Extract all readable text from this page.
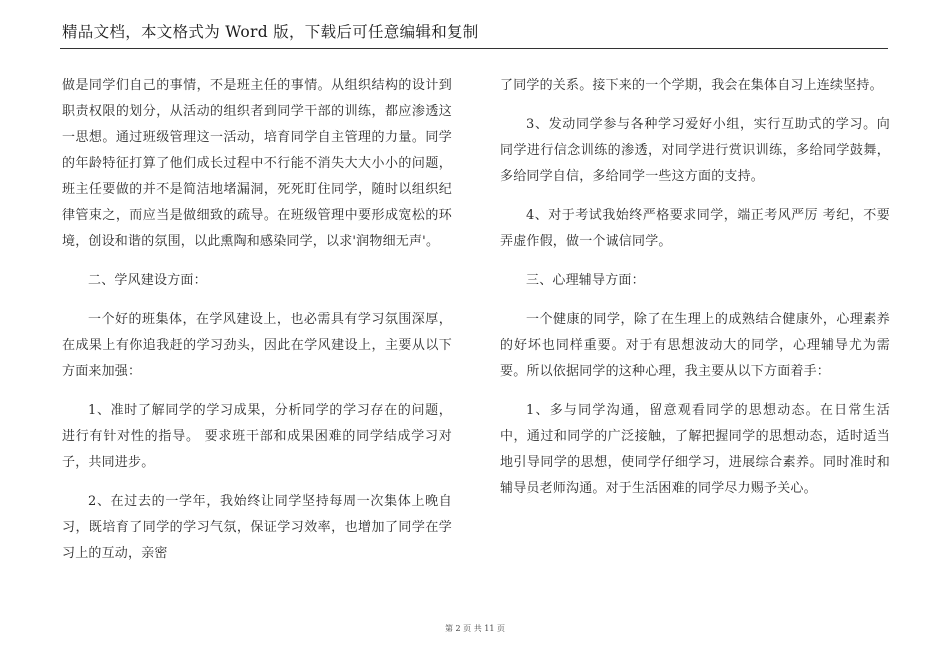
精品文档，本文格式为 Word 版，下载后可任意编辑和复制

做是同学们自己的事情，不是班主任的事情。从组织结构的设计到职责权限的划分，从活动的组织者到同学干部的训练，都应渗透这一思想。通过班级管理这一活动，培育同学自主管理的力量。同学的年龄特征打算了他们成长过程中不行能不消失大大小小的问题，班主任要做的并不是简洁地堵漏洞，死死盯住同学，随时以组织纪律管束之，而应当是做细致的疏导。在班级管理中要形成宽松的环境，创设和谐的氛围，以此熏陶和感染同学，以求'润物细无声'。

二、学风建设方面：

一个好的班集体，在学风建设上，也必需具有学习氛围深厚，在成果上有你追我赶的学习劲头，因此在学风建设上，主要从以下方面来加强：

1、准时了解同学的学习成果，分析同学的学习存在的问题，进行有针对性的指导。 要求班干部和成果困难的同学结成学习对子，共同进步。

2、在过去的一学年，我始终让同学坚持每周一次集体上晚自习，既培育了同学的学习气氛，保证学习效率，也增加了同学在学习上的互动，亲密

了同学的关系。接下来的一个学期，我会在集体自习上连续坚持。

3、发动同学参与各种学习爱好小组，实行互助式的学习。向同学进行信念训练的渗透，对同学进行赏识训练，多给同学鼓舞，多给同学自信，多给同学一些这方面的支持。

4、对于考试我始终严格要求同学，端正考风严厉 考纪，不要弄虚作假，做一个诚信同学。

三、心理辅导方面：

一个健康的同学，除了在生理上的成熟结合健康外，心理素养的好坏也同样重要。对于有思想波动大的同学，心理辅导尤为需要。所以依据同学的这种心理，我主要从以下方面着手：

1、多与同学沟通，留意观看同学的思想动态。在日常生活中，通过和同学的广泛接触，了解把握同学的思想动态，适时适当地引导同学的思想，使同学仔细学习，进展综合素养。同时准时和辅导员老师沟通。对于生活困难的同学尽力赐予关心。

第 2 页 共 11 页
